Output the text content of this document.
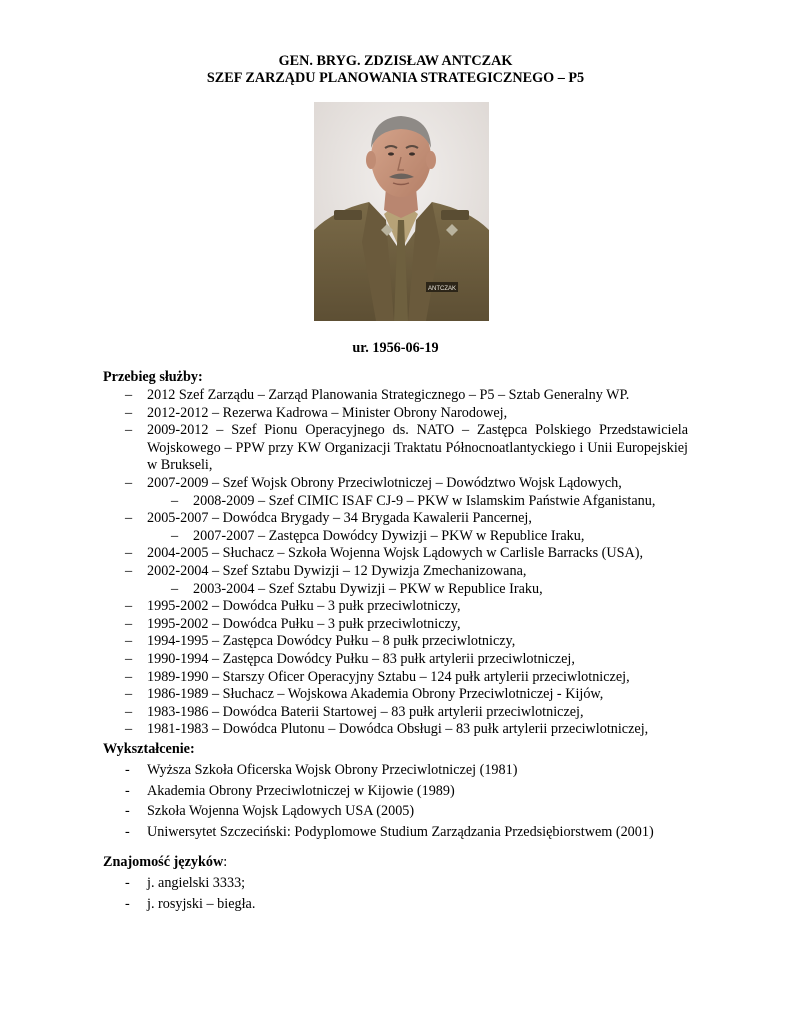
GEN. BRYG. ZDZISŁAW ANTCZAK
SZEF ZARZĄDU PLANOWANIA STRATEGICZNEGO – P5
ANTCZAK
ur. 1956-06-19
Przebieg służby:
– 2012 Szef Zarządu – Zarząd Planowania Strategicznego – P5 – Sztab Generalny WP.
– 2012-2012 – Rezerwa Kadrowa – Minister Obrony Narodowej,
– 2009-2012 – Szef Pionu Operacyjnego ds. NATO – Zastępca Polskiego Przedstawiciela Wojskowego – PPW przy KW Organizacji Traktatu Północnoatlantyckiego i Unii Europejskiej w Brukseli,
– 2007-2009 – Szef Wojsk Obrony Przeciwlotniczej – Dowództwo Wojsk Lądowych,
– 2008-2009 – Szef CIMIC ISAF CJ-9 – PKW w Islamskim Państwie Afganistanu,
– 2005-2007 – Dowódca Brygady – 34 Brygada Kawalerii Pancernej,
– 2007-2007 – Zastępca Dowódcy Dywizji – PKW w Republice Iraku,
– 2004-2005 – Słuchacz – Szkoła Wojenna Wojsk Lądowych w Carlisle Barracks (USA),
– 2002-2004 – Szef Sztabu Dywizji – 12 Dywizja Zmechanizowana,
– 2003-2004 – Szef Sztabu Dywizji – PKW w Republice Iraku,
– 1995-2002 – Dowódca Pułku – 3 pułk przeciwlotniczy,
– 1995-2002 – Dowódca Pułku – 3 pułk przeciwlotniczy,
– 1994-1995 – Zastępca Dowódcy Pułku – 8 pułk przeciwlotniczy,
– 1990-1994 – Zastępca Dowódcy Pułku – 83 pułk artylerii przeciwlotniczej,
– 1989-1990 – Starszy Oficer Operacyjny Sztabu – 124 pułk artylerii przeciwlotniczej,
– 1986-1989 – Słuchacz – Wojskowa Akademia Obrony Przeciwlotniczej - Kijów,
– 1983-1986 – Dowódca Baterii Startowej – 83 pułk artylerii przeciwlotniczej,
– 1981-1983 – Dowódca Plutonu – Dowódca Obsługi – 83 pułk artylerii przeciwlotniczej,
Wykształcenie:
- Wyższa Szkoła Oficerska Wojsk Obrony Przeciwlotniczej (1981)
- Akademia Obrony Przeciwlotniczej w Kijowie (1989)
- Szkoła Wojenna Wojsk Lądowych USA (2005)
- Uniwersytet Szczeciński: Podyplomowe Studium Zarządzania Przedsiębiorstwem (2001)
Znajomość języków:
- j. angielski 3333;
- j. rosyjski – biegła.
